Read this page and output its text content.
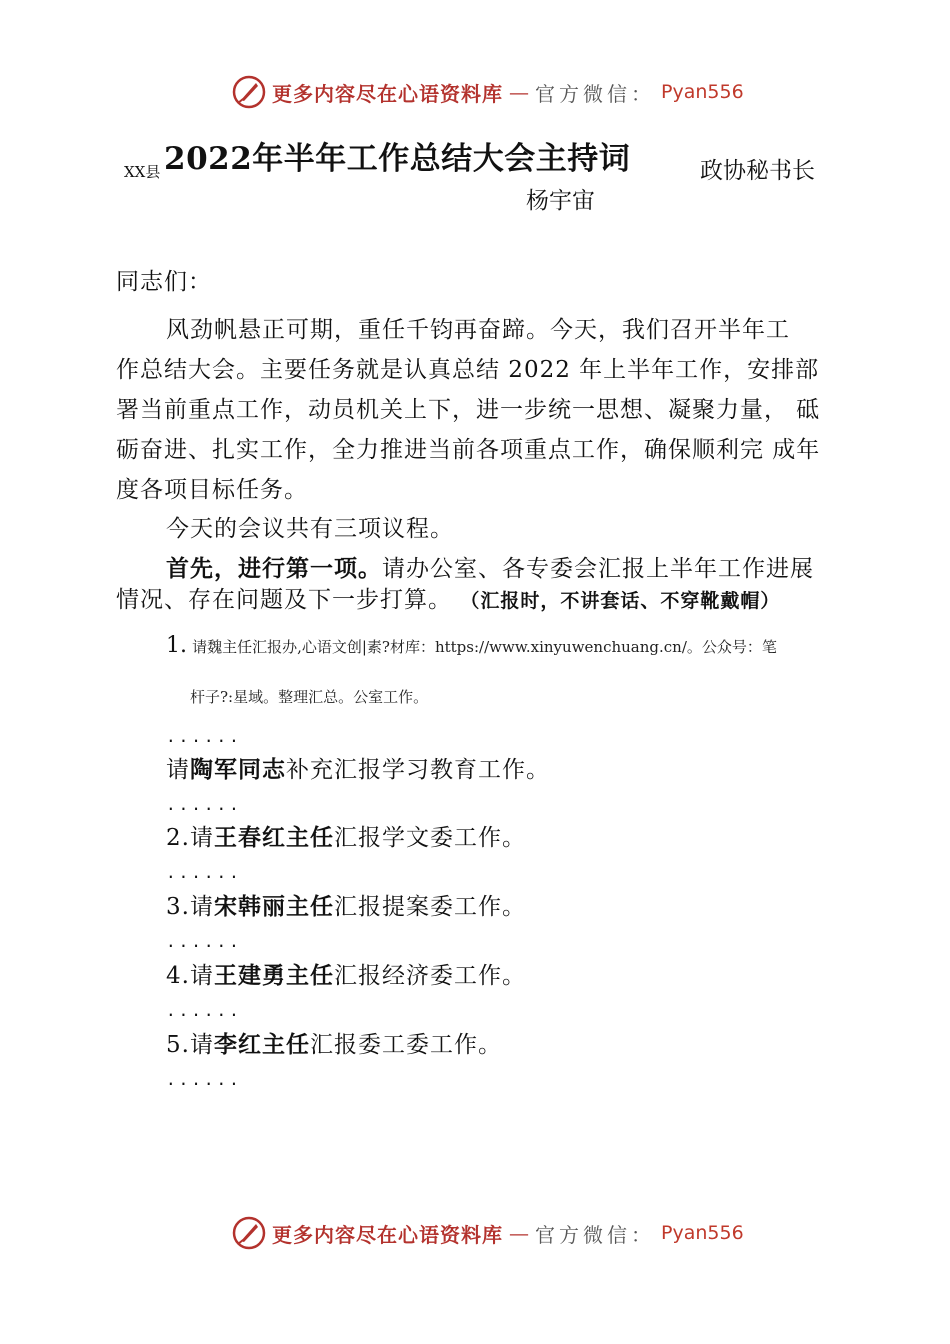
更多内容尽在心语资料库 — 官方微信： Pyan556
XX县 2022年半年工作总结大会主持词	政协秘书长
杨宇宙
同志们：
风劲帆悬正可期，重任千钧再奋蹄。今天，我们召开半年工
作总结大会。主要任务就是认真总结 2022 年上半年工作，安排部
署当前重点工作，动员机关上下，进一步统一思想、凝聚力量， 砥
砺奋进、扎实工作，全力推进当前各项重点工作，确保顺利完 成年
度各项目标任务。
今天的会议共有三项议程。
首先，进行第一项。请办公室、各专委会汇报上半年工作进展
情况、存在问题及下一步打算。 （汇报时，不讲套话、不穿靴戴帽）
1. 请魏主任汇报办,心语文创|素?材库：https://www.xinyuwenchuang.cn/。公众号：笔
杆子?:星域。整理汇总。公室工作。
......
请陶军同志补充汇报学习教育工作。
......
2.请王春红主任汇报学文委工作。
......
3.请宋韩丽主任汇报提案委工作。
......
4.请王建勇主任汇报经济委工作。
......
5.请李红主任汇报委工委工作。
......
更多内容尽在心语资料库 — 官方微信： Pyan556
